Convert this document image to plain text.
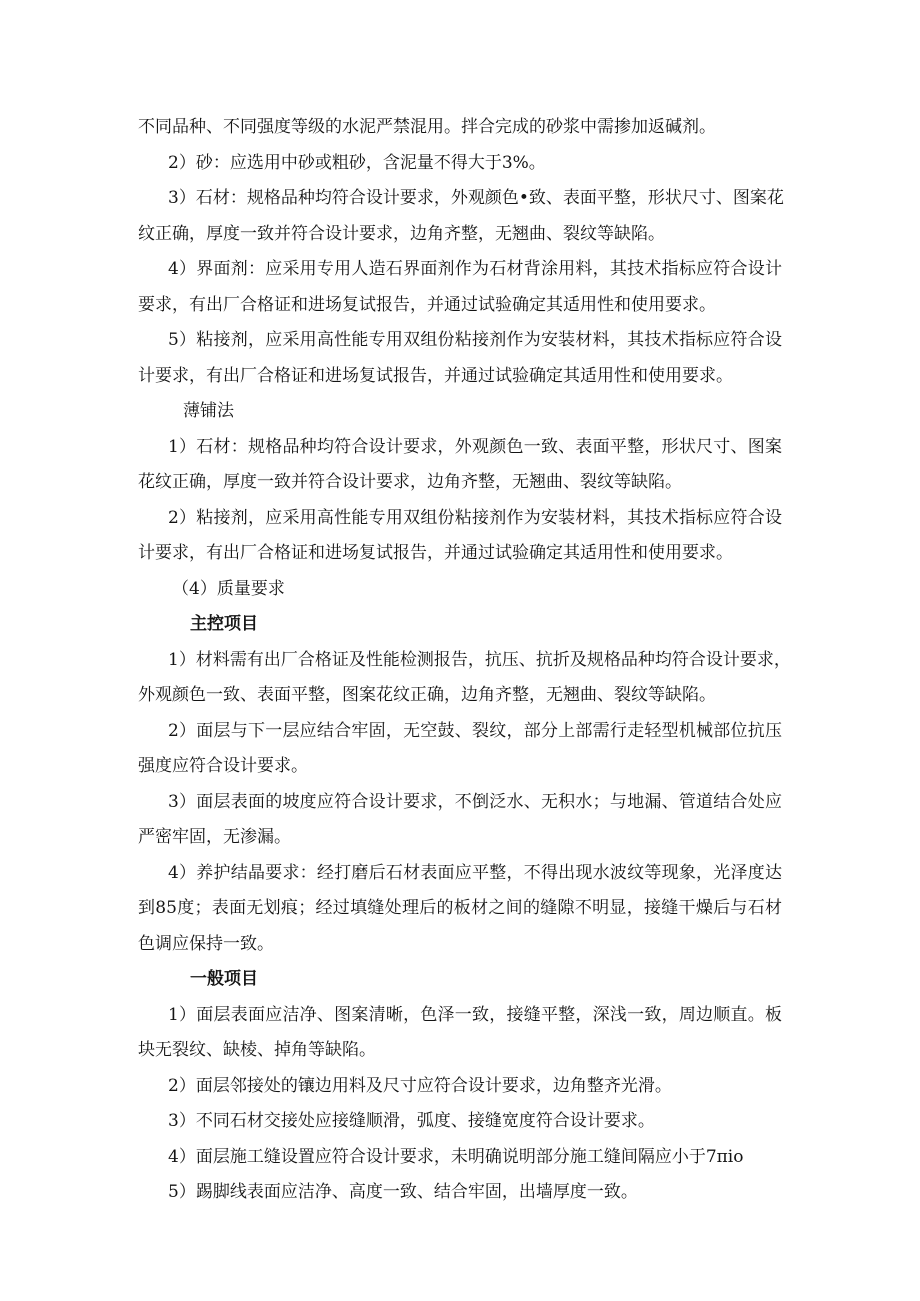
不同品种、不同强度等级的水泥严禁混用。拌合完成的砂浆中需掺加返碱剂。
2）砂：应选用中砂或粗砂，含泥量不得大于3%。
3）石材：规格品种均符合设计要求，外观颜色•致、表面平整，形状尺寸、图案花
纹正确，厚度一致并符合设计要求，边角齐整，无翘曲、裂纹等缺陷。
4）界面剂：应采用专用人造石界面剂作为石材背涂用料，其技术指标应符合设计
要求，有出厂合格证和进场复试报告，并通过试验确定其适用性和使用要求。
5）粘接剂，应采用高性能专用双组份粘接剂作为安装材料，其技术指标应符合设
计要求，有出厂合格证和进场复试报告，并通过试验确定其适用性和使用要求。
薄铺法
1）石材：规格品种均符合设计要求，外观颜色一致、表面平整，形状尺寸、图案
花纹正确，厚度一致并符合设计要求，边角齐整，无翘曲、裂纹等缺陷。
2）粘接剂，应采用高性能专用双组份粘接剂作为安装材料，其技术指标应符合设
计要求，有出厂合格证和进场复试报告，并通过试验确定其适用性和使用要求。
（4）质量要求
主控项目
1）材料需有出厂合格证及性能检测报告，抗压、抗折及规格品种均符合设计要求，
外观颜色一致、表面平整，图案花纹正确，边角齐整，无翘曲、裂纹等缺陷。
2）面层与下一层应结合牢固，无空鼓、裂纹，部分上部需行走轻型机械部位抗压
强度应符合设计要求。
3）面层表面的坡度应符合设计要求，不倒泛水、无积水；与地漏、管道结合处应
严密牢固，无渗漏。
4）养护结晶要求：经打磨后石材表面应平整，不得出现水波纹等现象，光泽度达
到85度；表面无划痕；经过填缝处理后的板材之间的缝隙不明显，接缝干燥后与石材
色调应保持一致。
一般项目
1）面层表面应洁净、图案清晰，色泽一致，接缝平整，深浅一致，周边顺直。板
块无裂纹、缺棱、掉角等缺陷。
2）面层邻接处的镶边用料及尺寸应符合设计要求，边角整齐光滑。
3）不同石材交接处应接缝顺滑，弧度、接缝宽度符合设计要求。
4）面层施工缝设置应符合设计要求，未明确说明部分施工缝间隔应小于7πio
5）踢脚线表面应洁净、高度一致、结合牢固，出墙厚度一致。
